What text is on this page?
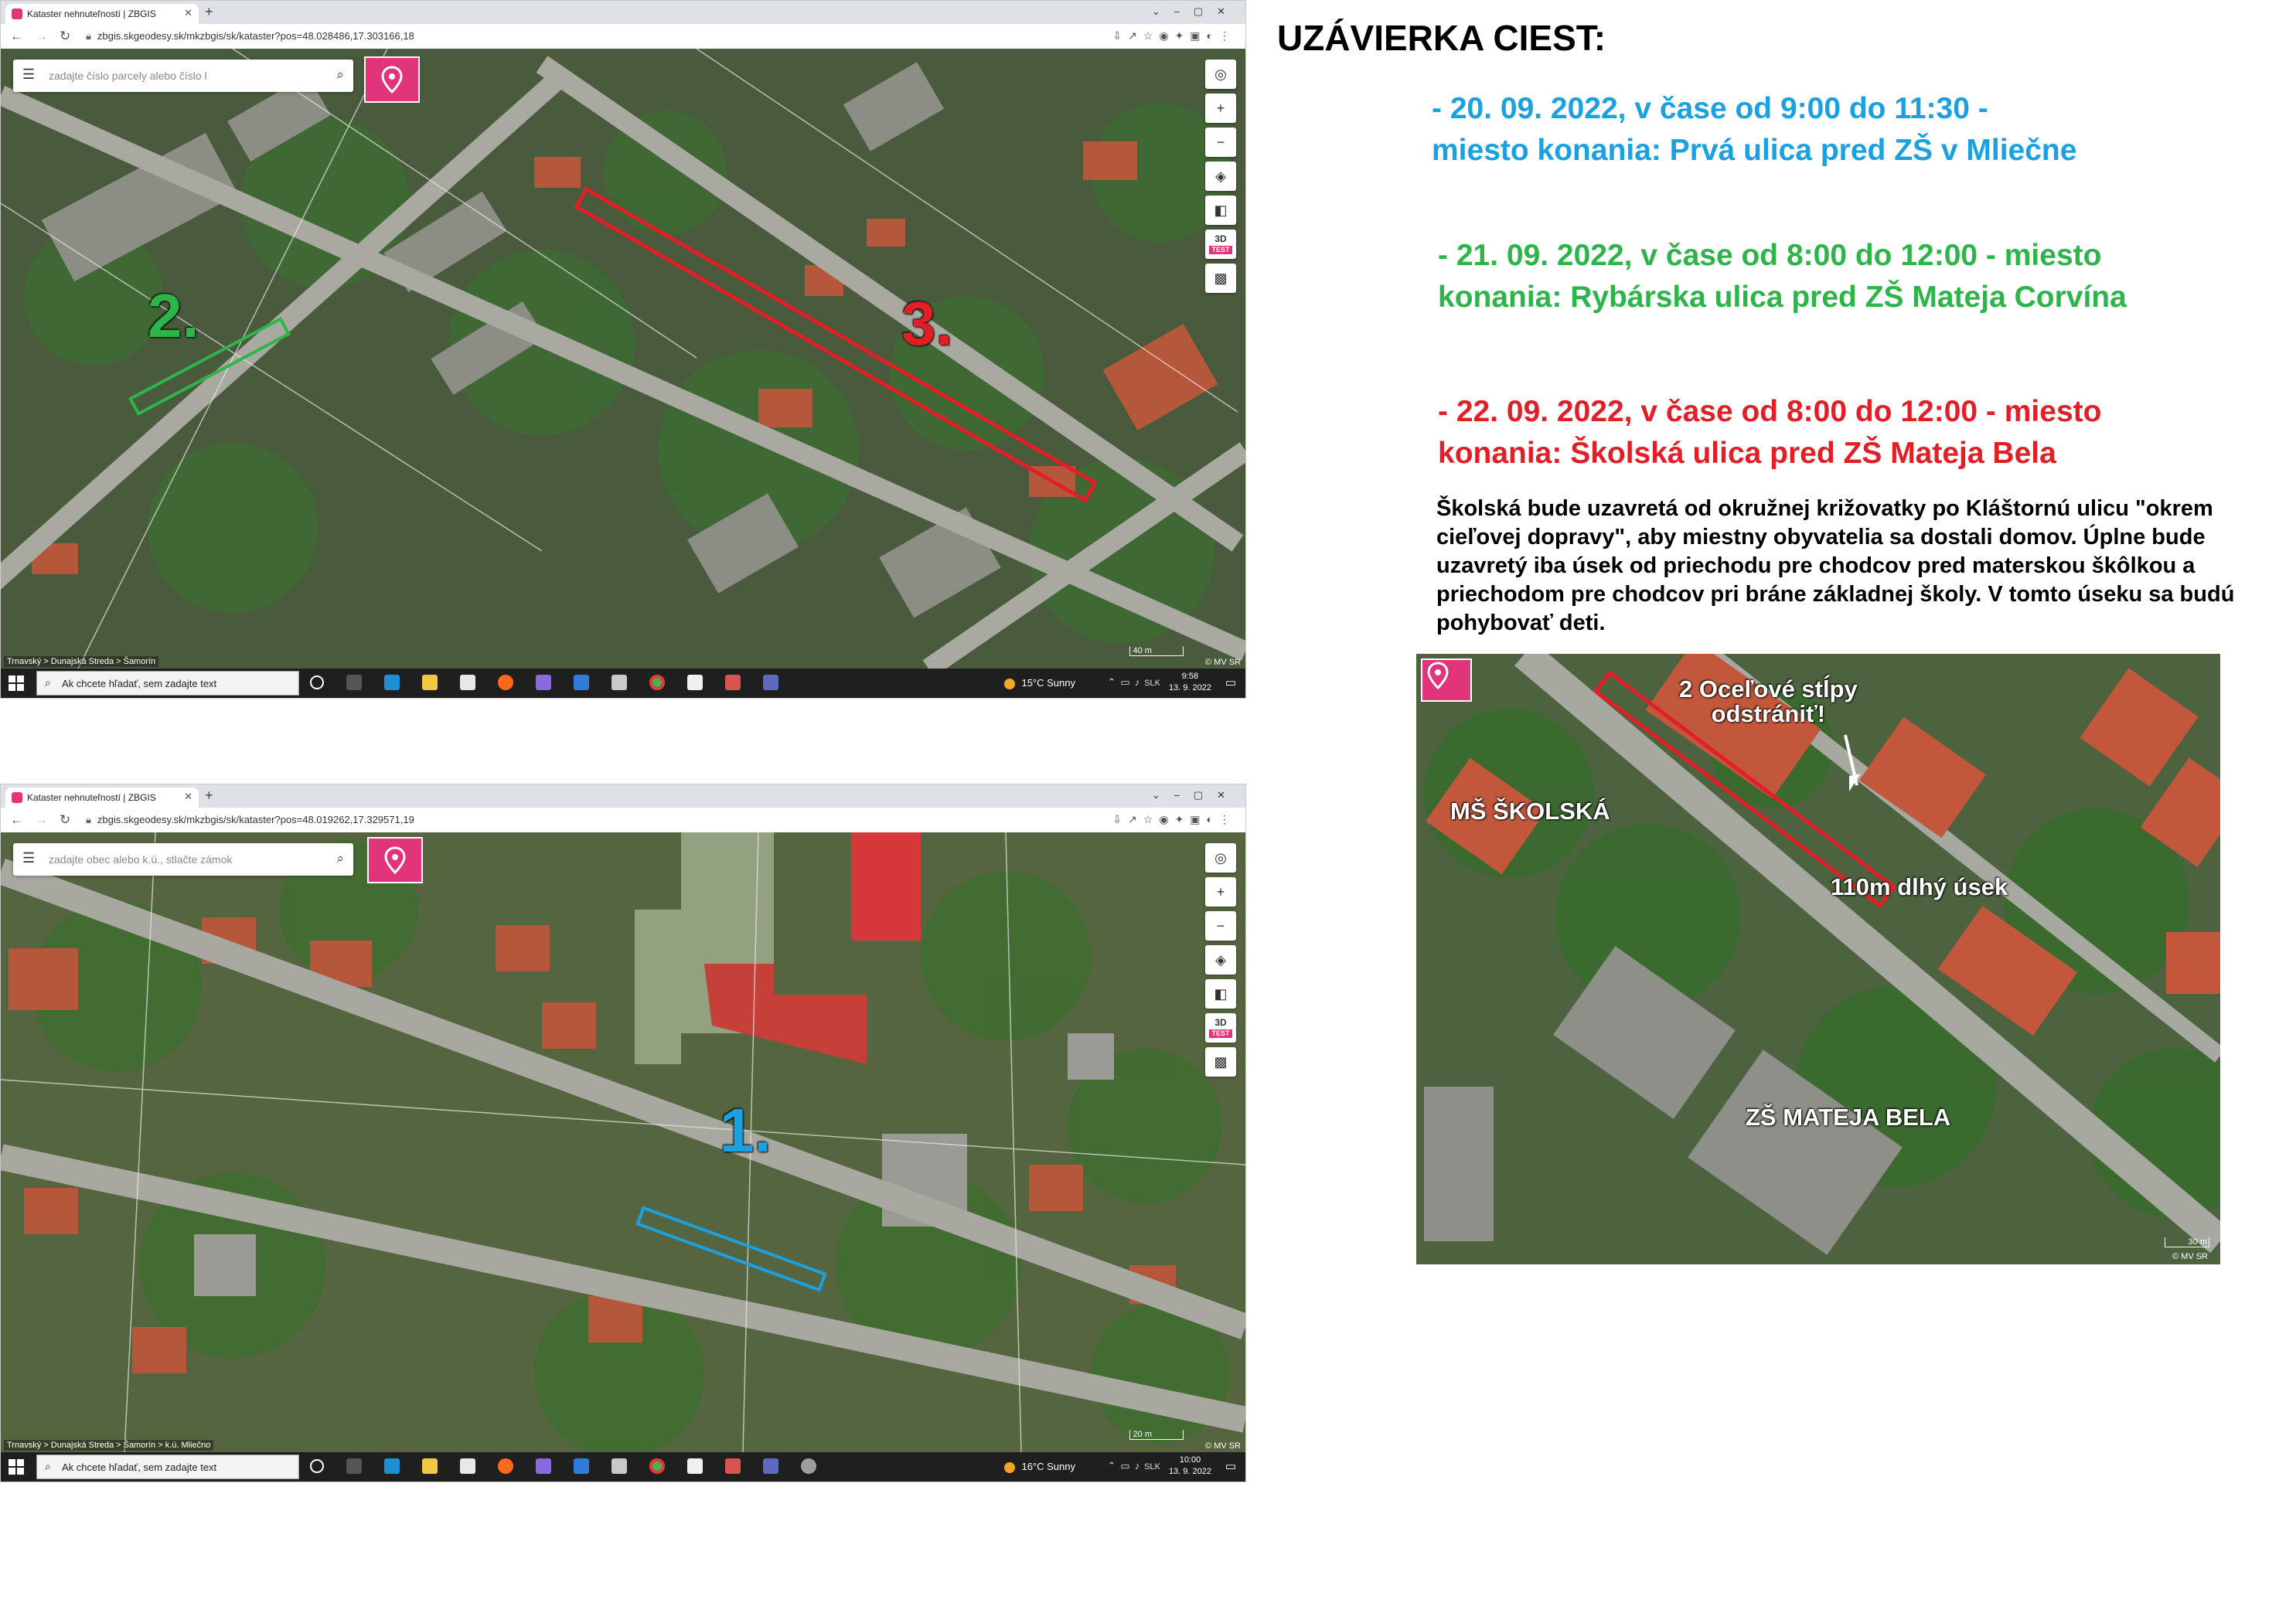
Kataster nehnuteľností | ZBGIS	✕ +	⌄–▢✕
← → ↻ 🔒︎ zbgis.skgeodesy.sk/mkzbgis/sk/kataster?pos=48.028486,17.303166,18	⇩↗☆◉✦▣◐⋮
2.	3.
☰ zadajte číslo parcely alebo číslo l	⌕	◎
+
−
◈
◧
3D
TEST
▩
40 m
Trnavský > Dunajská Streda > Šamorín	© MV SR
⌕ Ak chcete hľadať, sem zadajte text	15°C Sunny	⌃▭♪SLK
9:58
13. 9. 2022 ▭
Kataster nehnuteľností | ZBGIS	✕ +	⌄–▢✕
← → ↻ 🔒︎ zbgis.skgeodesy.sk/mkzbgis/sk/kataster?pos=48.019262,17.329571,19	⇩↗☆◉✦▣◐⋮
1.
☰ zadajte obec alebo k.ú., stlačte zámok	⌕	◎
+
−
◈
◧
3D
TEST
▩
20 m
Trnavský > Dunajská Streda > Šamorín > k.ú. Mliečno	© MV SR
⌕ Ak chcete hľadať, sem zadajte text	16°C Sunny	⌃▭♪SLK
10:00
13. 9. 2022 ▭
UZÁVIERKA CIEST:
- 20. 09. 2022, v čase od 9:00 do 11:30 -
miesto konania: Prvá ulica pred ZŠ v Mliečne
- 21. 09. 2022, v čase od 8:00 do 12:00 - miesto
konania: Rybárska ulica pred ZŠ Mateja Corvína
- 22. 09. 2022, v čase od 8:00 do 12:00 - miesto
konania: Školská ulica pred ZŠ Mateja Bela
Školská bude uzavretá od okružnej križovatky po Kláštornú ulicu "okrem cieľovej dopravy", aby miestny obyvatelia sa dostali domov. Úplne bude uzavretý iba úsek od priechodu pre chodcov pred materskou škôlkou a priechodom pre chodcov pri bráne základnej školy. V tomto úseku sa budú pohybovať deti.
2 Oceľové stĺpy
odstrániť!
MŠ ŠKOLSKÁ
110m dlhý úsek
ZŠ MATEJA BELA
30 m
© MV SR
